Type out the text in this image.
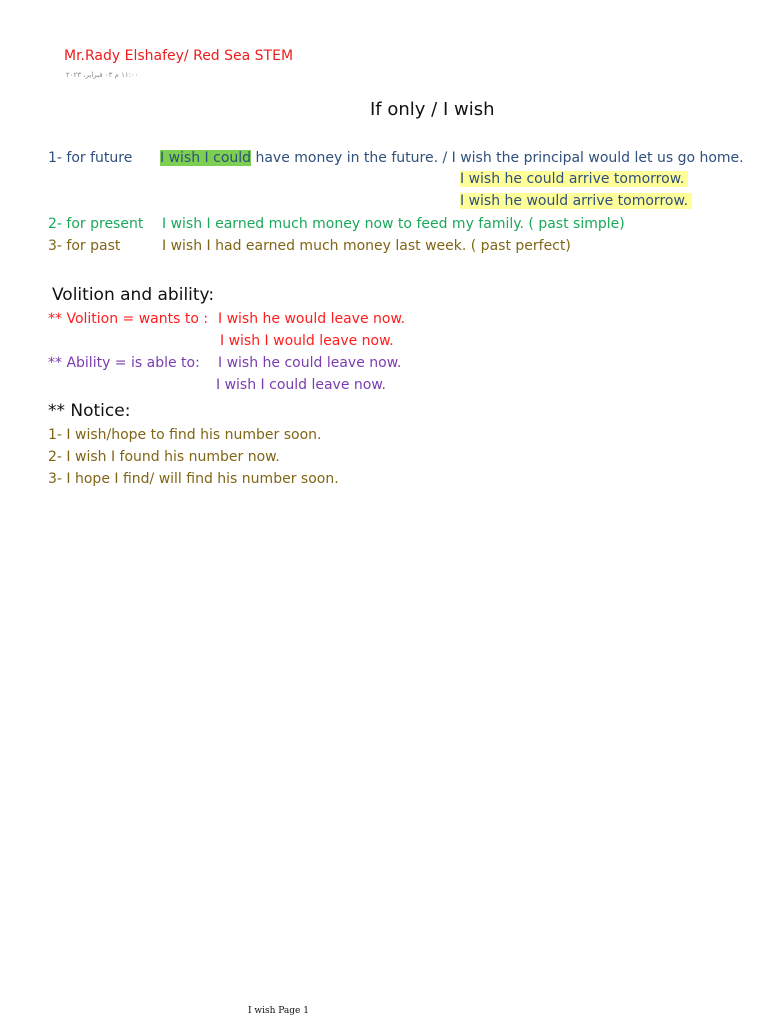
Mr.Rady Elshafey/ Red Sea STEM
١١:٠٠ م ٠٣ فبراير، ٢٠٢٣
If only / I wish
1- for future I wish I could have money in the future. / I wish the principal would let us go home.
I wish he could arrive tomorrow.
I wish he would arrive tomorrow.
2- for present I wish I earned much money now to feed my family. ( past simple)
3- for past	I wish I had earned much money last week. ( past perfect)
Volition and ability:
** Volition = wants to : I wish he would leave now.
I wish I would leave now.
** Ability = is able to: I wish he could leave now.
I wish I could leave now.
** Notice:
1- I wish/hope to find his number soon.
2- I wish I found his number now.
3- I hope I find/ will find his number soon.
I wish Page 1
